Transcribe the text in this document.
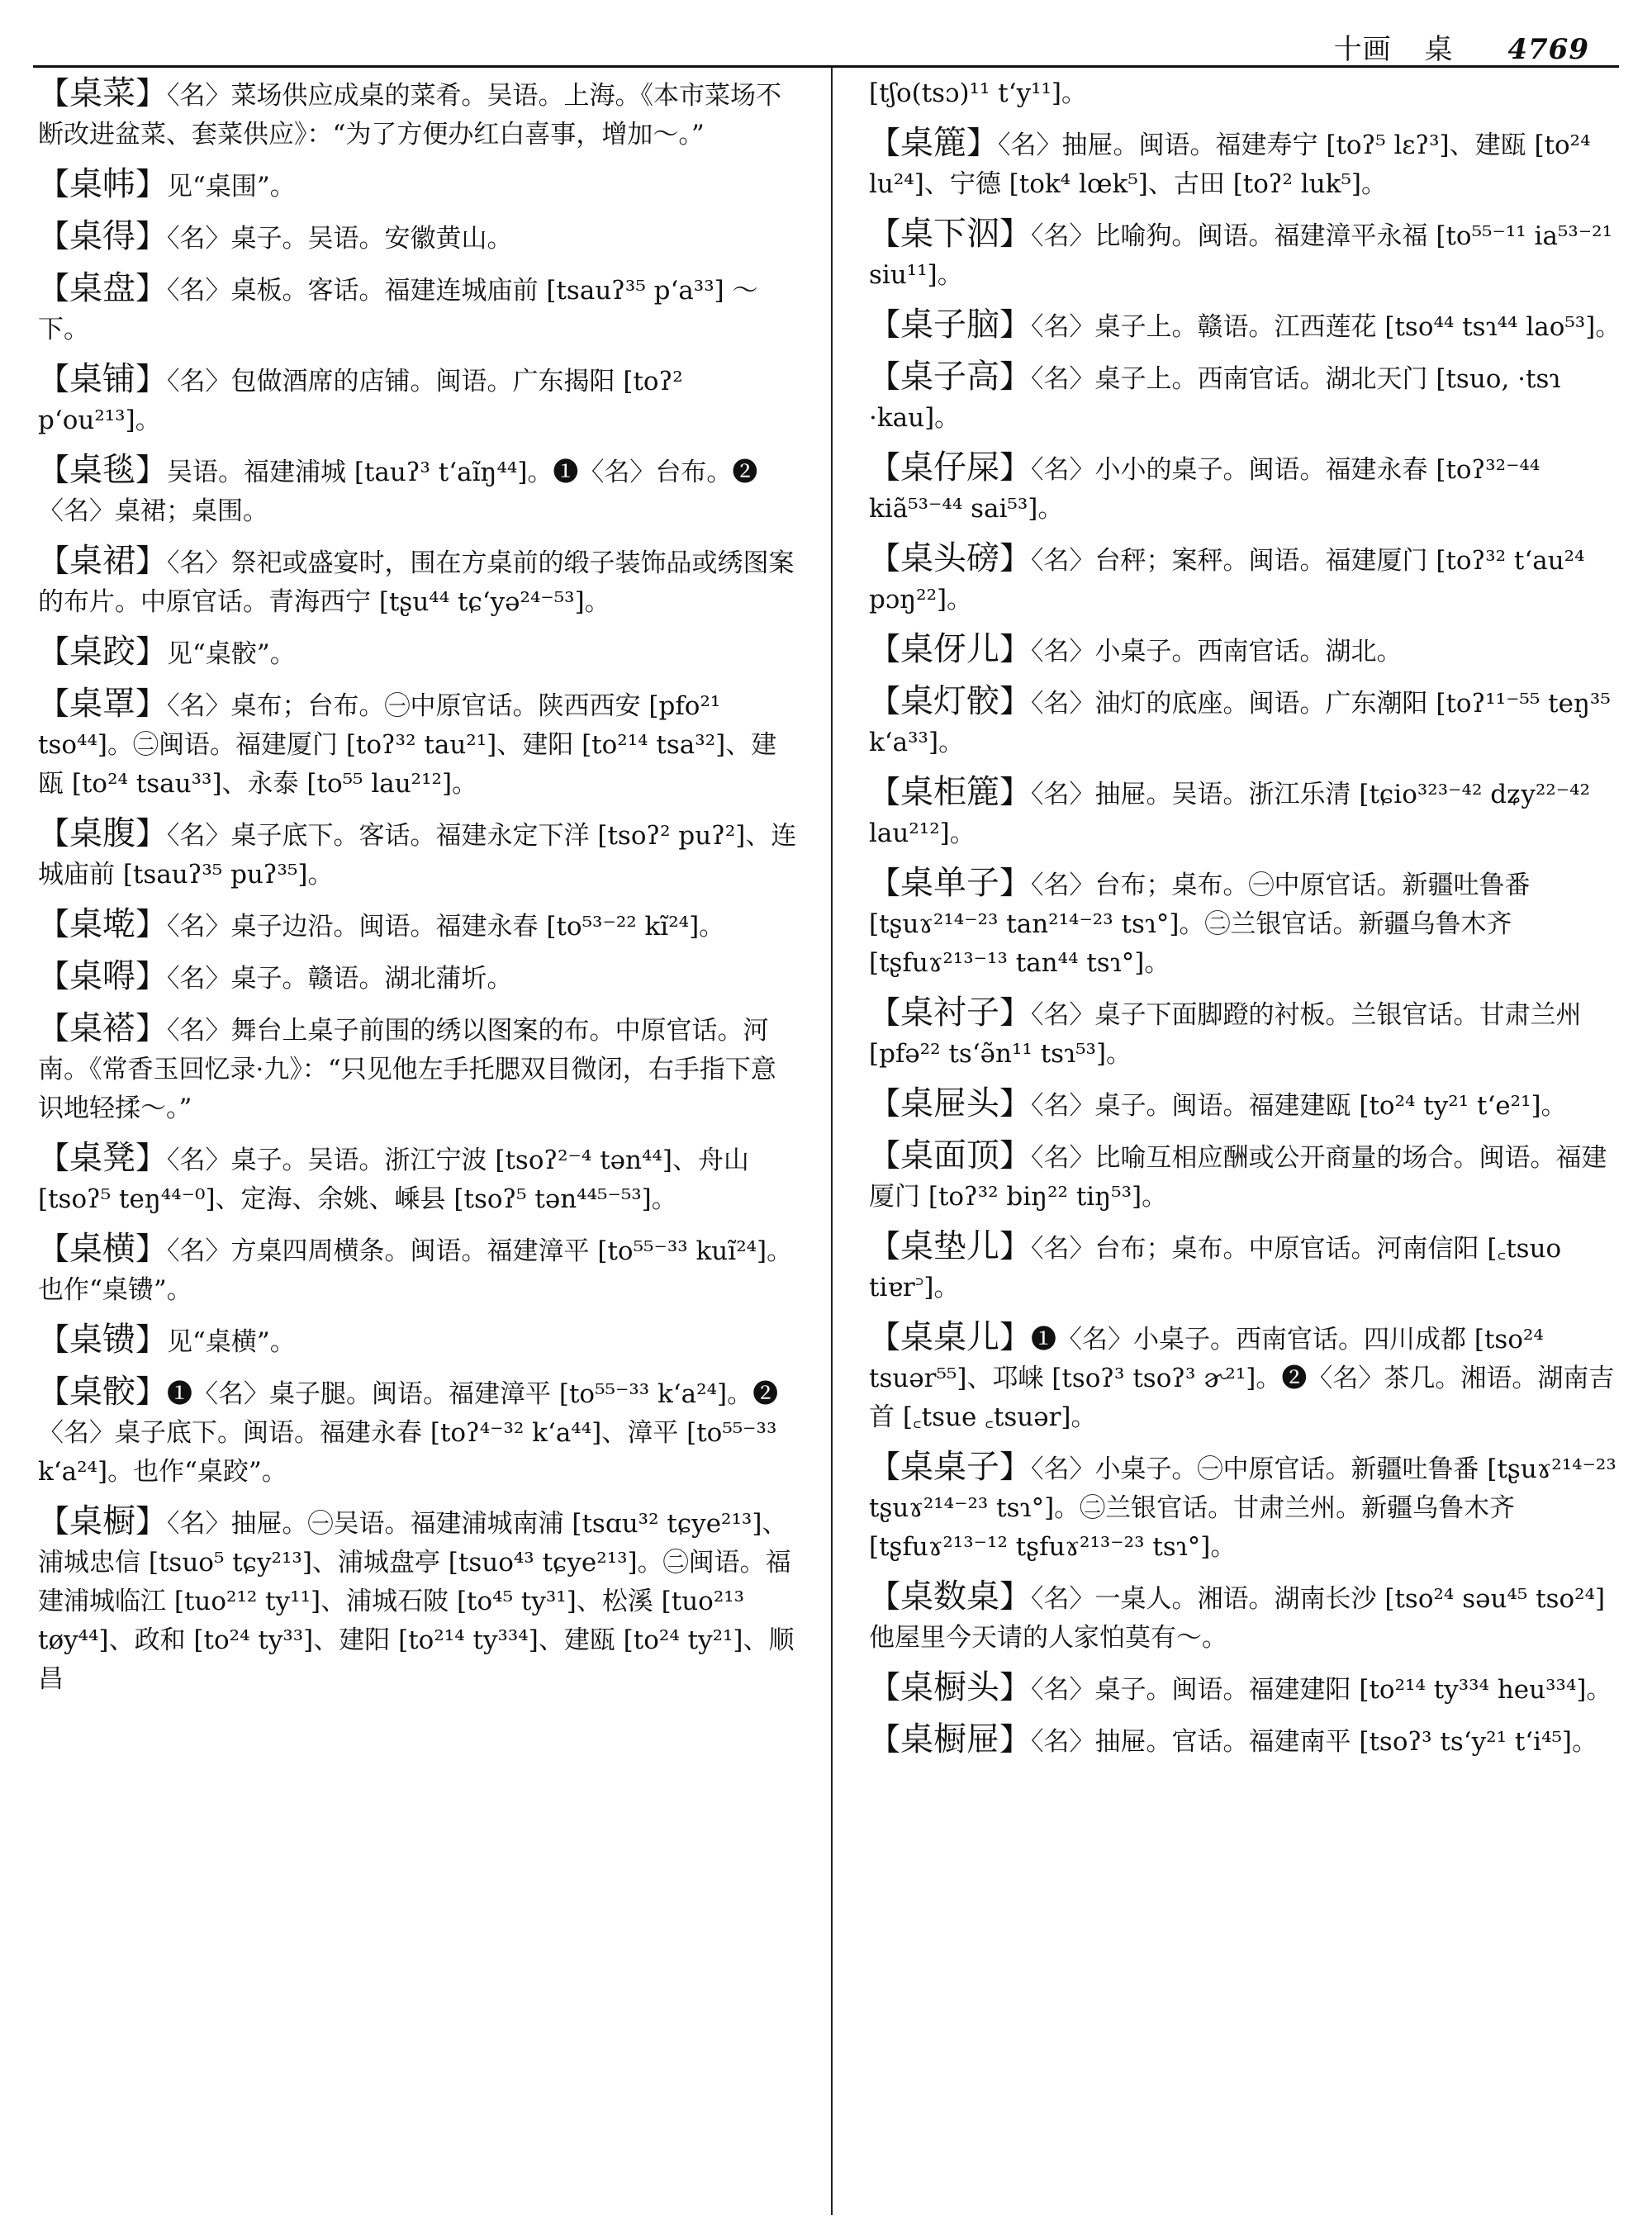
十画 桌 4769
【桌菜】〈名〉菜场供应成桌的菜肴。吴语。上海。《本市菜场不断改进盆菜、套菜供应》：“为了方便办红白喜事，增加～。”
【桌帏】见“桌围”。
【桌得】〈名〉桌子。吴语。安徽黄山。
【桌盘】〈名〉桌板。客话。福建连城庙前 [tsauʔ³⁵ pʻa³³] ～下。
【桌铺】〈名〉包做酒席的店铺。闽语。广东揭阳 [toʔ² pʻou²¹³]。
【桌毯】吴语。福建浦城 [tauʔ³ tʻaĩŋ⁴⁴]。❶〈名〉台布。❷〈名〉桌裙；桌围。
【桌裙】〈名〉祭祀或盛宴时，围在方桌前的缎子装饰品或绣图案的布片。中原官话。青海西宁 [tʂu⁴⁴ tɕʻyə²⁴⁻⁵³]。
【桌跤】见“桌骹”。
【桌罩】〈名〉桌布；台布。㊀中原官话。陕西西安 [pfo²¹ tso⁴⁴]。㊁闽语。福建厦门 [toʔ³² tau²¹]、建阳 [to²¹⁴ tsa³²]、建瓯 [to²⁴ tsau³³]、永泰 [to⁵⁵ lau²¹²]。
【桌腹】〈名〉桌子底下。客话。福建永定下洋 [tsoʔ² puʔ²]、连城庙前 [tsauʔ³⁵ puʔ³⁵]。
【桌墘】〈名〉桌子边沿。闽语。福建永春 [to⁵³⁻²² kĩ²⁴]。
【桌嘚】〈名〉桌子。赣语。湖北蒲圻。
【桌褡】〈名〉舞台上桌子前围的绣以图案的布。中原官话。河南。《常香玉回忆录·九》：“只见他左手托腮双目微闭，右手指下意识地轻揉～。”
【桌凳】〈名〉桌子。吴语。浙江宁波 [tsoʔ²⁻⁴ tən⁴⁴]、舟山 [tsoʔ⁵ teŋ⁴⁴⁻⁰]、定海、余姚、嵊县 [tsoʔ⁵ tən⁴⁴⁵⁻⁵³]。
【桌横】〈名〉方桌四周横条。闽语。福建漳平 [to⁵⁵⁻³³ kuĩ²⁴]。也作“桌镄”。
【桌镄】见“桌横”。
【桌骹】❶〈名〉桌子腿。闽语。福建漳平 [to⁵⁵⁻³³ kʻa²⁴]。❷〈名〉桌子底下。闽语。福建永春 [toʔ⁴⁻³² kʻa⁴⁴]、漳平 [to⁵⁵⁻³³ kʻa²⁴]。也作“桌跤”。
【桌橱】〈名〉抽屉。㊀吴语。福建浦城南浦 [tsɑu³² tɕye²¹³]、浦城忠信 [tsuo⁵ tɕy²¹³]、浦城盘亭 [tsuo⁴³ tɕye²¹³]。㊁闽语。福建浦城临江 [tuo²¹² ty¹¹]、浦城石陂 [to⁴⁵ ty³¹]、松溪 [tuo²¹³ tøy⁴⁴]、政和 [to²⁴ ty³³]、建阳 [to²¹⁴ ty³³⁴]、建瓯 [to²⁴ ty²¹]、顺昌
[tʃo(tsɔ)¹¹ tʻy¹¹]。
【桌簏】〈名〉抽屉。闽语。福建寿宁 [toʔ⁵ lɛʔ³]、建瓯 [to²⁴ lu²⁴]、宁德 [tok⁴ lœk⁵]、古田 [toʔ² luk⁵]。
【桌下泅】〈名〉比喻狗。闽语。福建漳平永福 [to⁵⁵⁻¹¹ ia⁵³⁻²¹ siu¹¹]。
【桌子脑】〈名〉桌子上。赣语。江西莲花 [tso⁴⁴ tsɿ⁴⁴ lao⁵³]。
【桌子高】〈名〉桌子上。西南官话。湖北天门 [tsuo, ·tsɿ ·kau]。
【桌仔屎】〈名〉小小的桌子。闽语。福建永春 [toʔ³²⁻⁴⁴ kiã⁵³⁻⁴⁴ sai⁵³]。
【桌头磅】〈名〉台秤；案秤。闽语。福建厦门 [toʔ³² tʻau²⁴ pɔŋ²²]。
【桌伢儿】〈名〉小桌子。西南官话。湖北。
【桌灯骹】〈名〉油灯的底座。闽语。广东潮阳 [toʔ¹¹⁻⁵⁵ teŋ³⁵ kʻa³³]。
【桌柜簏】〈名〉抽屉。吴语。浙江乐清 [tɕio³²³⁻⁴² dʑy²²⁻⁴² lau²¹²]。
【桌单子】〈名〉台布；桌布。㊀中原官话。新疆吐鲁番 [tʂuɤ²¹⁴⁻²³ tan²¹⁴⁻²³ tsɿ°]。㊁兰银官话。新疆乌鲁木齐 [tʂfuɤ²¹³⁻¹³ tan⁴⁴ tsɿ°]。
【桌衬子】〈名〉桌子下面脚蹬的衬板。兰银官话。甘肃兰州 [pfə²² tsʻə̃n¹¹ tsɿ⁵³]。
【桌屉头】〈名〉桌子。闽语。福建建瓯 [to²⁴ ty²¹ tʻe²¹]。
【桌面顶】〈名〉比喻互相应酬或公开商量的场合。闽语。福建厦门 [toʔ³² biŋ²² tiŋ⁵³]。
【桌垫儿】〈名〉台布；桌布。中原官话。河南信阳 [꜀tsuo tiɐr꜄]。
【桌桌儿】❶〈名〉小桌子。西南官话。四川成都 [tso²⁴ tsuər⁵⁵]、邛崃 [tsoʔ³ tsoʔ³ ɚ²¹]。❷〈名〉茶几。湘语。湖南吉首 [꜀tsue ꜀tsuər]。
【桌桌子】〈名〉小桌子。㊀中原官话。新疆吐鲁番 [tʂuɤ²¹⁴⁻²³ tʂuɤ²¹⁴⁻²³ tsɿ°]。㊁兰银官话。甘肃兰州。新疆乌鲁木齐 [tʂfuɤ²¹³⁻¹² tʂfuɤ²¹³⁻²³ tsɿ°]。
【桌数桌】〈名〉一桌人。湘语。湖南长沙 [tso²⁴ səu⁴⁵ tso²⁴] 他屋里今天请的人家怕莫有～。
【桌橱头】〈名〉桌子。闽语。福建建阳 [to²¹⁴ ty³³⁴ heu³³⁴]。
【桌橱屉】〈名〉抽屉。官话。福建南平 [tsoʔ³ tsʻy²¹ tʻi⁴⁵]。
